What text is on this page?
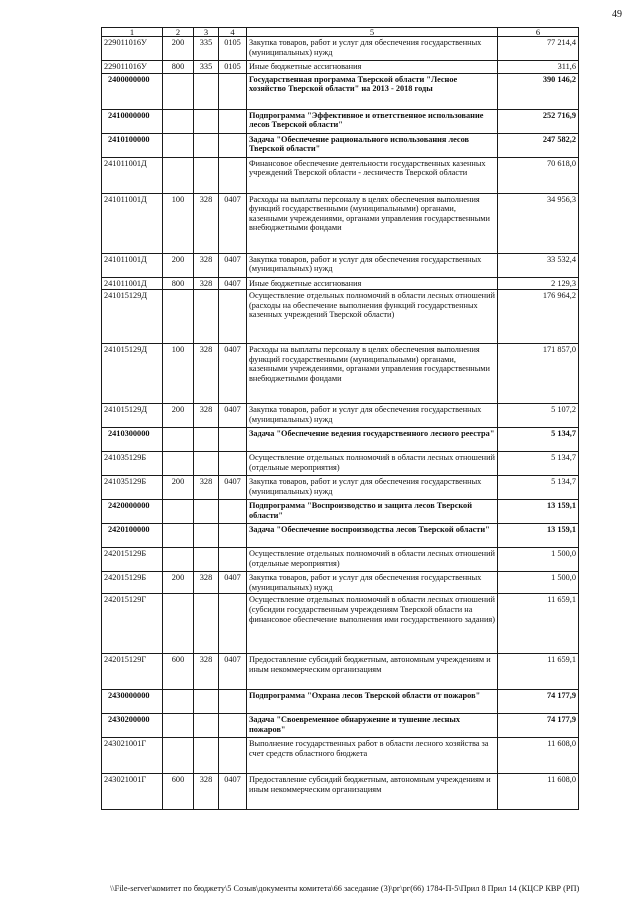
49
1	2	3	4	5	6
229011016У	200	335	0105	Закупка товаров, работ и услуг для обеспечения государственных (муниципальных) нужд	77 214,4
229011016У	800	335	0105	Иные бюджетные ассигнования	311,6
2400000000				Государственная программа Тверской области "Лесное хозяйство Тверской области" на 2013 - 2018 годы	390 146,2
2410000000				Подпрограмма "Эффективное и ответственное использование лесов Тверской области"	252 716,9
2410100000				Задача "Обеспечение рационального использования лесов Тверской области"	247 582,2
241011001Д				Финансовое обеспечение деятельности государственных казенных учреждений Тверской области - лесничеств Тверской области	70 618,0
241011001Д	100	328	0407	Расходы на выплаты персоналу в целях обеспечения выполнения функций государственными (муниципальными) органами, казенными учреждениями, органами управления государственными внебюджетными фондами	34 956,3
241011001Д	200	328	0407	Закупка товаров, работ и услуг для обеспечения государственных (муниципальных) нужд	33 532,4
241011001Д	800	328	0407	Иные бюджетные ассигнования	2 129,3
241015129Д				Осуществление отдельных полномочий в области лесных отношений (расходы на обеспечение выполнения функций государственных казенных учреждений Тверской области)	176 964,2
241015129Д	100	328	0407	Расходы на выплаты персоналу в целях обеспечения выполнения функций государственными (муниципальными) органами, казенными учреждениями, органами управления государственными внебюджетными фондами	171 857,0
241015129Д	200	328	0407	Закупка товаров, работ и услуг для обеспечения государственных (муниципальных) нужд	5 107,2
2410300000				Задача "Обеспечение ведения государственного лесного реестра"	5 134,7
241035129Б				Осуществление отдельных полномочий в области лесных отношений (отдельные мероприятия)	5 134,7
241035129Б	200	328	0407	Закупка товаров, работ и услуг для обеспечения государственных (муниципальных) нужд	5 134,7
2420000000				Подпрограмма "Воспроизводство и защита лесов Тверской области"	13 159,1
2420100000				Задача "Обеспечение воспроизводства лесов Тверской области"	13 159,1
242015129Б				Осуществление отдельных полномочий в области лесных отношений (отдельные мероприятия)	1 500,0
242015129Б	200	328	0407	Закупка товаров, работ и услуг для обеспечения государственных (муниципальных) нужд	1 500,0
242015129Г				Осуществление отдельных полномочий в области лесных отношений (субсидии государственным учреждениям Тверской области на финансовое обеспечение выполнения ими государственного задания)	11 659,1
242015129Г	600	328	0407	Предоставление субсидий бюджетным, автономным учреждениям и иным некоммерческим организациям	11 659,1
2430000000				Подпрограмма "Охрана лесов Тверской области от пожаров"	74 177,9
2430200000				Задача "Своевременное обнаружение и тушение лесных пожаров"	74 177,9
243021001Г				Выполнение государственных работ в области лесного хозяйства за счет средств областного бюджета	11 608,0
243021001Г	600	328	0407	Предоставление субсидий бюджетным, автономным учреждениям и иным некоммерческим организациям	11 608,0
\\File-server\комитет по бюджету\5 Созыв\документы комитета\66 заседание (3)\рг\рг(66) 1784-П-5\Прил 8 Прил 14 (КЦСР КВР (РП)
